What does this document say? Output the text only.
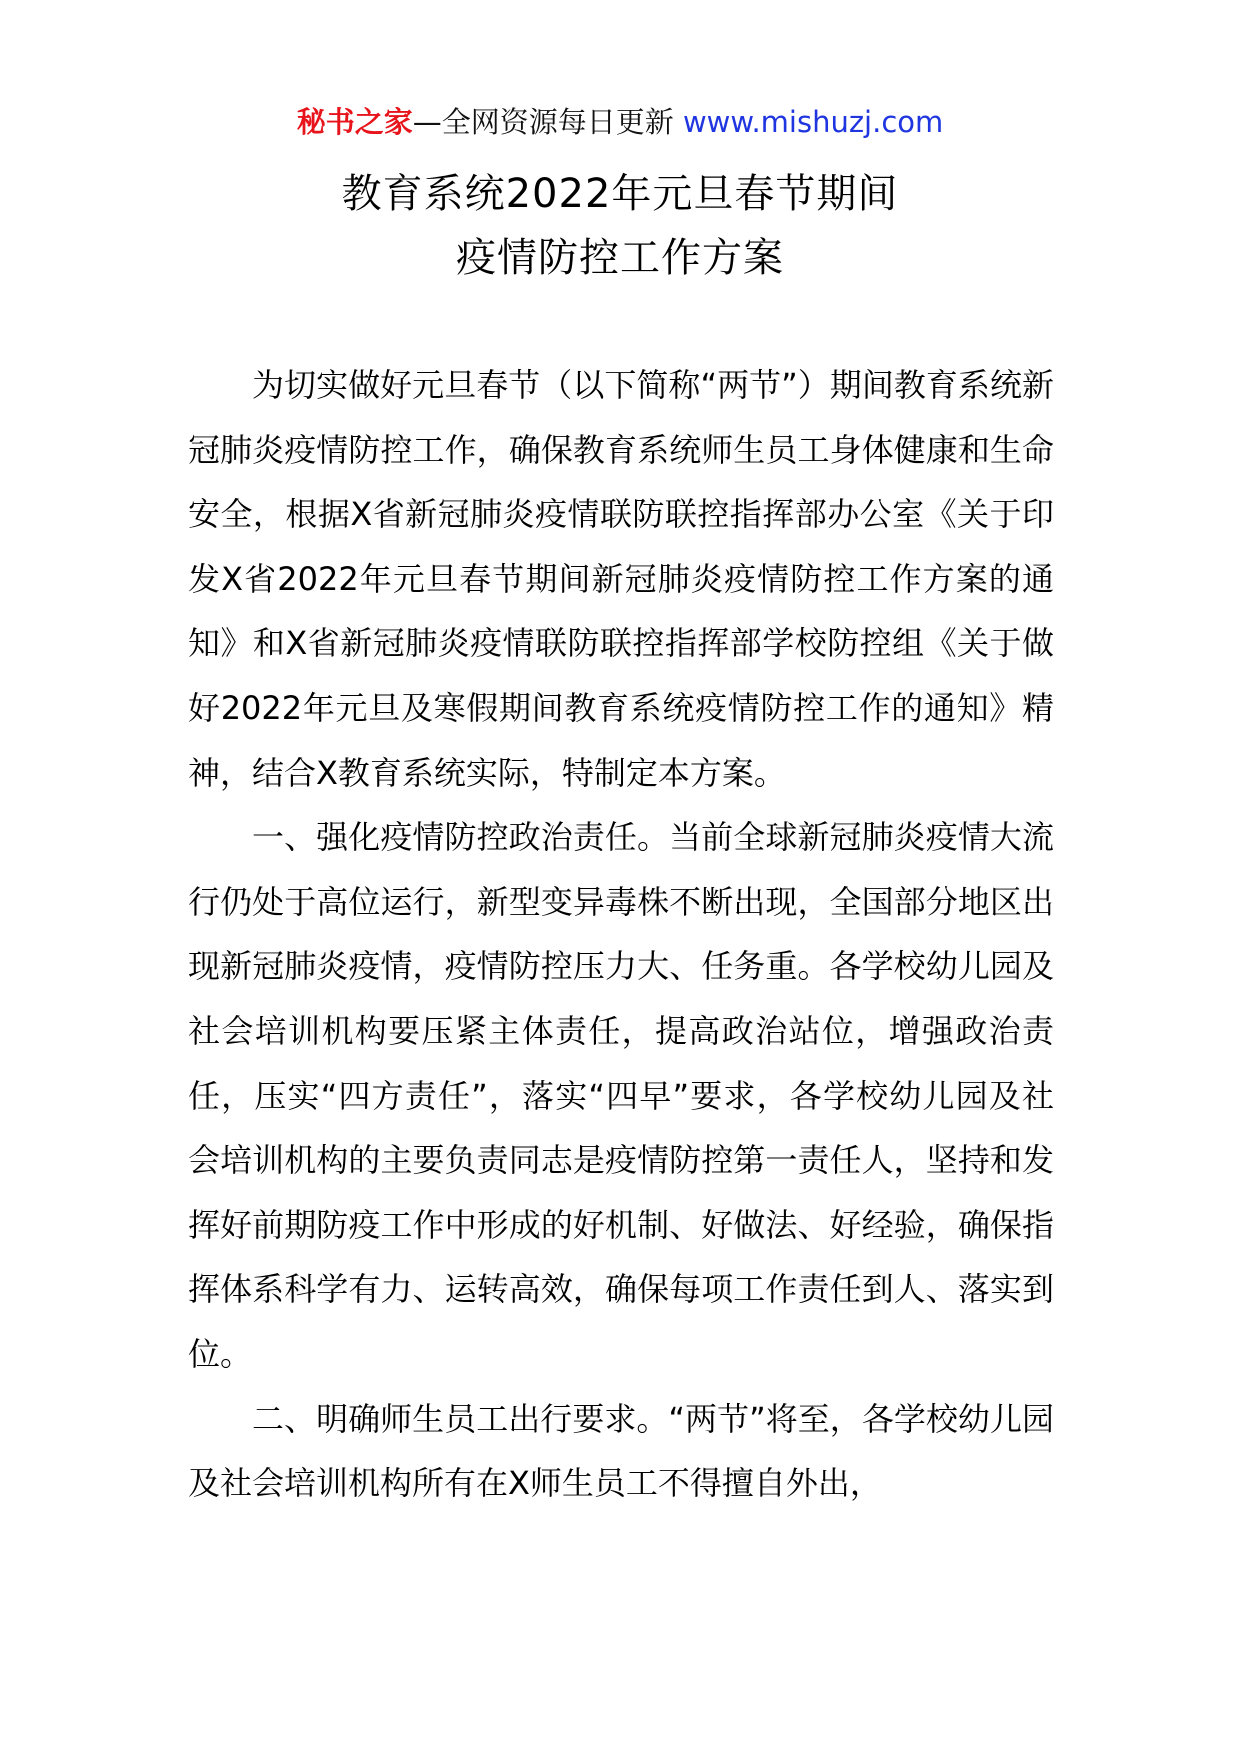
秘书之家—全网资源每日更新 www.mishuzj.com
教育系统2022年元旦春节期间
疫情防控工作方案

为切实做好元旦春节（以下简称“两节”）期间教育系统新冠肺炎疫情防控工作，确保教育系统师生员工身体健康和生命安全，根据X省新冠肺炎疫情联防联控指挥部办公室《关于印发X省2022年元旦春节期间新冠肺炎疫情防控工作方案的通知》和X省新冠肺炎疫情联防联控指挥部学校防控组《关于做好2022年元旦及寒假期间教育系统疫情防控工作的通知》精神，结合X教育系统实际，特制定本方案。

一、强化疫情防控政治责任。当前全球新冠肺炎疫情大流行仍处于高位运行，新型变异毒株不断出现，全国部分地区出现新冠肺炎疫情，疫情防控压力大、任务重。各学校幼儿园及社会培训机构要压紧主体责任，提高政治站位，增强政治责任，压实“四方责任”，落实“四早”要求，各学校幼儿园及社会培训机构的主要负责同志是疫情防控第一责任人，坚持和发挥好前期防疫工作中形成的好机制、好做法、好经验，确保指挥体系科学有力、运转高效，确保每项工作责任到人、落实到位。

二、明确师生员工出行要求。“两节”将至，各学校幼儿园及社会培训机构所有在X师生员工不得擅自外出，
